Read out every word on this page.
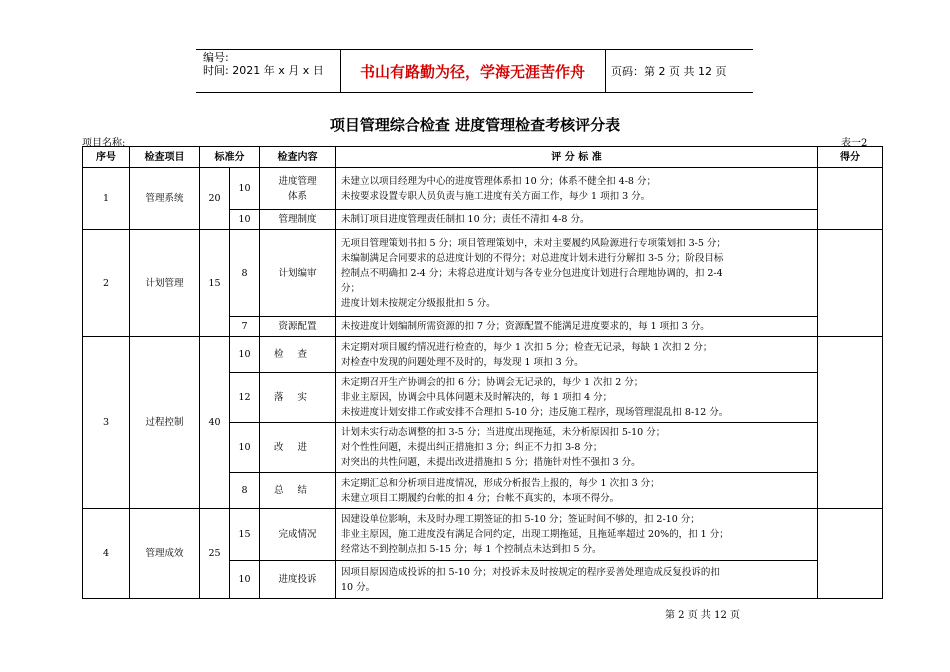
编号:
时间: 2021 年 x 月 x 日	书山有路勤为径，学海无涯苦作舟	页码：第 2 页 共 12 页
项目管理综合检查 进度管理检查考核评分表
项目名称:	表一2
序号	检查项目	标准分		检查内容	评 分 标 准	得分
1	管理系统	20	10	进度管理体系	未建立以项目经理为中心的进度管理体系扣 10 分；体系不健全扣 4-8 分；
未按要求设置专职人员负责与施工进度有关方面工作，每少 1 项扣 3 分。	

			10	管理制度	未制订项目进度管理责任制扣 10 分；责任不清扣 4-8 分。	

2	计划管理	15	8	计划编审	无项目管理策划书扣 5 分；项目管理策划中，未对主要履约风险源进行专项策划扣 3-5 分；
未编制满足合同要求的总进度计划的不得分；对总进度计划未进行分解扣 3-5 分；阶段目标
控制点不明确扣 2-4 分；未将总进度计划与各专业分包进度计划进行合理地协调的，扣 2-4
分；
进度计划未按规定分级报批扣 5 分。	

			7	资源配置	未按进度计划编制所需资源的扣 7 分；资源配置不能满足进度要求的，每 1 项扣 3 分。	

3	过程控制	40	10	检查	未定期对项目履约情况进行检查的，每少 1 次扣 5 分；检查无记录，每缺 1 次扣 2 分；
对检查中发现的问题处理不及时的，每发现 1 项扣 3 分。	

			12	落实	未定期召开生产协调会的扣 6 分；协调会无记录的，每少 1 次扣 2 分；
非业主原因，协调会中具体问题未及时解决的，每 1 项扣 4 分；
未按进度计划安排工作或安排不合理扣 5-10 分；违反施工程序，现场管理混乱扣 8-12 分。	

			10	改进	计划未实行动态调整的扣 3-5 分；当进度出现拖延，未分析原因扣 5-10 分；
对个性性问题，未提出纠正措施扣 3 分；纠正不力扣 3-8 分；
对突出的共性问题，未提出改进措施扣 5 分；措施针对性不强扣 3 分。	

			8	总结	未定期汇总和分析项目进度情况，形成分析报告上报的，每少 1 次扣 3 分；
未建立项目工期履约台帐的扣 4 分；台帐不真实的，本项不得分。	

4	管理成效	25	15	完成情况	因建设单位影响，未及时办理工期签证的扣 5-10 分；签证时间不够的，扣 2-10 分；
非业主原因，施工进度没有满足合同约定，出现工期拖延，且拖延率超过 20%的，扣 1 分；
经常达不到控制点扣 5-15 分；每 1 个控制点未达到扣 5 分。	

			10	进度投诉	因项目原因造成投诉的扣 5-10 分；对投诉未及时按规定的程序妥善处理造成反复投诉的扣
10 分。	
第 2 页 共 12 页
